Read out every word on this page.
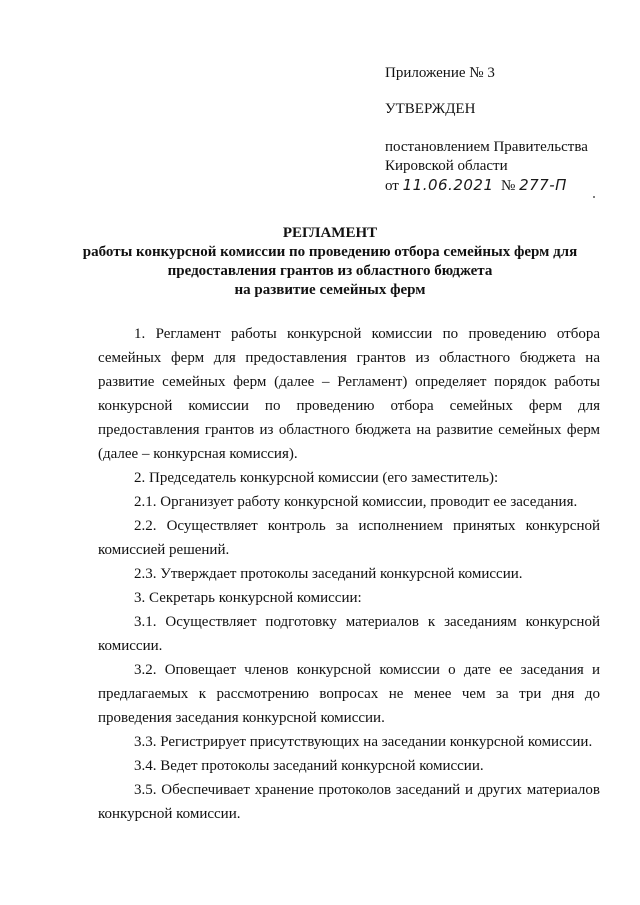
Приложение № 3
УТВЕРЖДЕН
постановлением Правительства
Кировской области
от 11.06.2021 № 277-П
РЕГЛАМЕНТ
работы конкурсной комиссии по проведению отбора семейных ферм для
предоставления грантов из областного бюджета
на развитие семейных ферм

1. Регламент работы конкурсной комиссии по проведению отбора семейных ферм для предоставления грантов из областного бюджета на развитие семейных ферм (далее – Регламент) определяет порядок работы конкурсной комиссии по проведению отбора семейных ферм для предоставления грантов из областного бюджета на развитие семейных ферм (далее – конкурсная комиссия).

2. Председатель конкурсной комиссии (его заместитель):

2.1. Организует работу конкурсной комиссии, проводит ее заседания.

2.2. Осуществляет контроль за исполнением принятых конкурсной комиссией решений.

2.3. Утверждает протоколы заседаний конкурсной комиссии.

3. Секретарь конкурсной комиссии:

3.1. Осуществляет подготовку материалов к заседаниям конкурсной комиссии.

3.2. Оповещает членов конкурсной комиссии о дате ее заседания и предлагаемых к рассмотрению вопросах не менее чем за три дня до проведения заседания конкурсной комиссии.

3.3. Регистрирует присутствующих на заседании конкурсной комиссии.

3.4. Ведет протоколы заседаний конкурсной комиссии.

3.5. Обеспечивает хранение протоколов заседаний и других материалов конкурсной комиссии.
